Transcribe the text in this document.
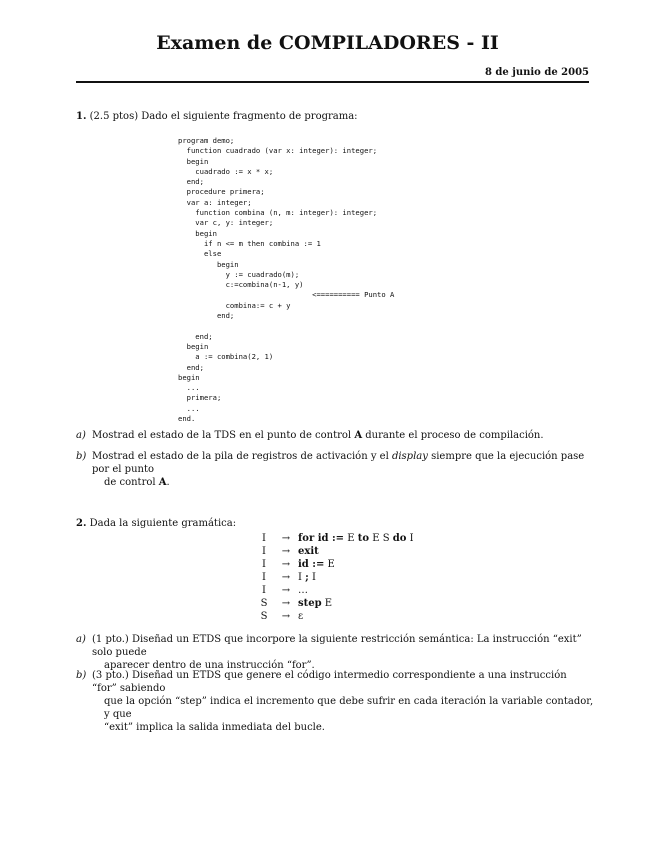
Examen de COMPILADORES - II
8 de junio de 2005
1. (2.5 ptos) Dado el siguiente fragmento de programa:
program demo;
function cuadrado (var x: integer): integer;
begin
cuadrado := x * x;
end;
procedure primera;
var a: integer;
function combina (n, m: integer): integer;
var c, y: integer;
begin
if n <= m then combina := 1
else
begin
y := cuadrado(m);
c:=combina(n-1, y)
<========== Punto A
combina:= c + y
end;

end;
begin
a := combina(2, 1)
end;
begin
...
primera;
...
end.
a) Mostrad el estado de la TDS en el punto de control A durante el proceso de compilación.
b) Mostrad el estado de la pila de registros de activación y el display siempre que la ejecución pase por el punto
de control A.
2. Dada la siguiente gramática:
I	→ for id := E to E S do I
I	→ exit
I	→ id := E
I	→ I ; I
I	→ …
S	→ step E
S	→ ε
a) (1 pto.) Diseñad un ETDS que incorpore la siguiente restricción semántica: La instrucción “exit” solo puede
aparecer dentro de una instrucción “for”.
b) (3 pto.) Diseñad un ETDS que genere el código intermedio correspondiente a una instrucción “for” sabiendo
que la opción “step” indica el incremento que debe sufrir en cada iteración la variable contador, y que
“exit” implica la salida inmediata del bucle.
